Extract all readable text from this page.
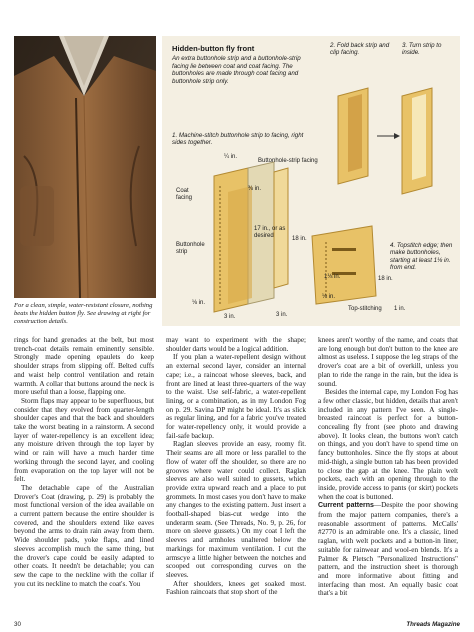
For a clean, simple, water-resistant closure, nothing beats the hidden button fly. See drawing at right for construction details.
Hidden-button fly front
An extra buttonhole strip and a buttonhole-strip facing lie between coat and coat facing. The buttonholes are made through coat facing and buttonhole strip only.
1. Machine-stitch buttonhole strip to facing, right sides together.
2. Fold back strip and clip facing.
3. Turn strip to inside.
4. Topstitch edge; then make buttonholes, starting at least 1⅛ in. from end.
Buttonhole-strip facing
Coat facing
Buttonhole strip
¼ in.
⅜ in.
17 in., or as desired	18 in.
⅛ in.
3 in.	3 in.
1⅛ in.
⅛ in.
Top-stitching	1 in.
18 in.

rings for hand grenades at the belt, but most trench-coat details remain eminently sensible. Strongly made opening epaulets do keep shoulder straps from slipping off. Belted cuffs and waist help control ventilation and retain warmth. A collar that buttons around the neck is more useful than a loose, flapping one.

Storm flaps may appear to be superfluous, but consider that they evolved from quarter-length shoulder capes and that the back and shoulders take the worst beating in a rainstorm. A second layer of water-repellency is an excellent idea; any moisture driven through the top layer by wind or rain will have a much harder time working through the second layer, and cooling from evaporation on the top layer will not be felt.

The detachable cape of the Australian Drover's Coat (drawing, p. 29) is probably the most functional version of the idea available on a current pattern because the entire shoulder is covered, and the shoulders extend like eaves beyond the arms to drain rain away from them. Wide shoulder pads, yoke flaps, and lined sleeves accomplish much the same thing, but the drover's cape could be easily adapted to other coats. It needn't be detachable; you can sew the cape to the neckline with the collar if you cut its neckline to match the coat's. You

may want to experiment with the shape; shoulder darts would be a logical addition.

If you plan a water-repellent design without an external second layer, consider an internal cape; i.e., a raincoat whose sleeves, back, and front are lined at least three-quarters of the way to the waist. Use self-fabric, a water-repellent lining, or a combination, as in my London Fog on p. 29. Savina DP might be ideal. It's as slick as regular lining, and for a fabric you've treated for water-repellency only, it would provide a fail-safe backup.

Raglan sleeves provide an easy, roomy fit. Their seams are all more or less parallel to the flow of water off the shoulder, so there are no grooves where water could collect. Raglan sleeves are also well suited to gussets, which provide extra upward reach and a place to put grommets. In most cases you don't have to make any changes to the existing pattern. Just insert a football-shaped bias-cut wedge into the underarm seam. (See Threads, No. 9, p. 26, for more on sleeve gussets.) On my coat I left the sleeves and armholes unaltered below the markings for maximum ventilation. I cut the armscye a little higher between the notches and scooped out corresponding curves on the sleeves.

After shoulders, knees get soaked most. Fashion raincoats that stop short of the

knees aren't worthy of the name, and coats that are long enough but don't button to the knee are almost as useless. I suppose the leg straps of the drover's coat are a bit of overkill, unless you plan to ride the range in the rain, but the idea is sound.

Besides the internal cape, my London Fog has a few other classic, but hidden, details that aren't included in any pattern I've seen. A single-breasted raincoat is perfect for a button-concealing fly front (see photo and drawing above). It looks clean, the buttons won't catch on things, and you don't have to spend time on fancy buttonholes. Since the fly stops at about mid-thigh, a single button tab has been provided to close the gap at the knee. The plain welt pockets, each with an opening through to the inside, provide access to pants (or skirt) pockets when the coat is buttoned.

Current patterns—Despite the poor showing from the major pattern companies, there's a reasonable assortment of patterns. McCalls' #2770 is an admirable one. It's a classic, lined raglan, with welt pockets and a button-in liner, suitable for rainwear and wool-en blends. It's a Palmer & Pletsch "Personalized Instructions" pattern, and the instruction sheet is thorough and more informative about fitting and interfacing than most. An equally basic coat that's a bit

30	Threads Magazine
